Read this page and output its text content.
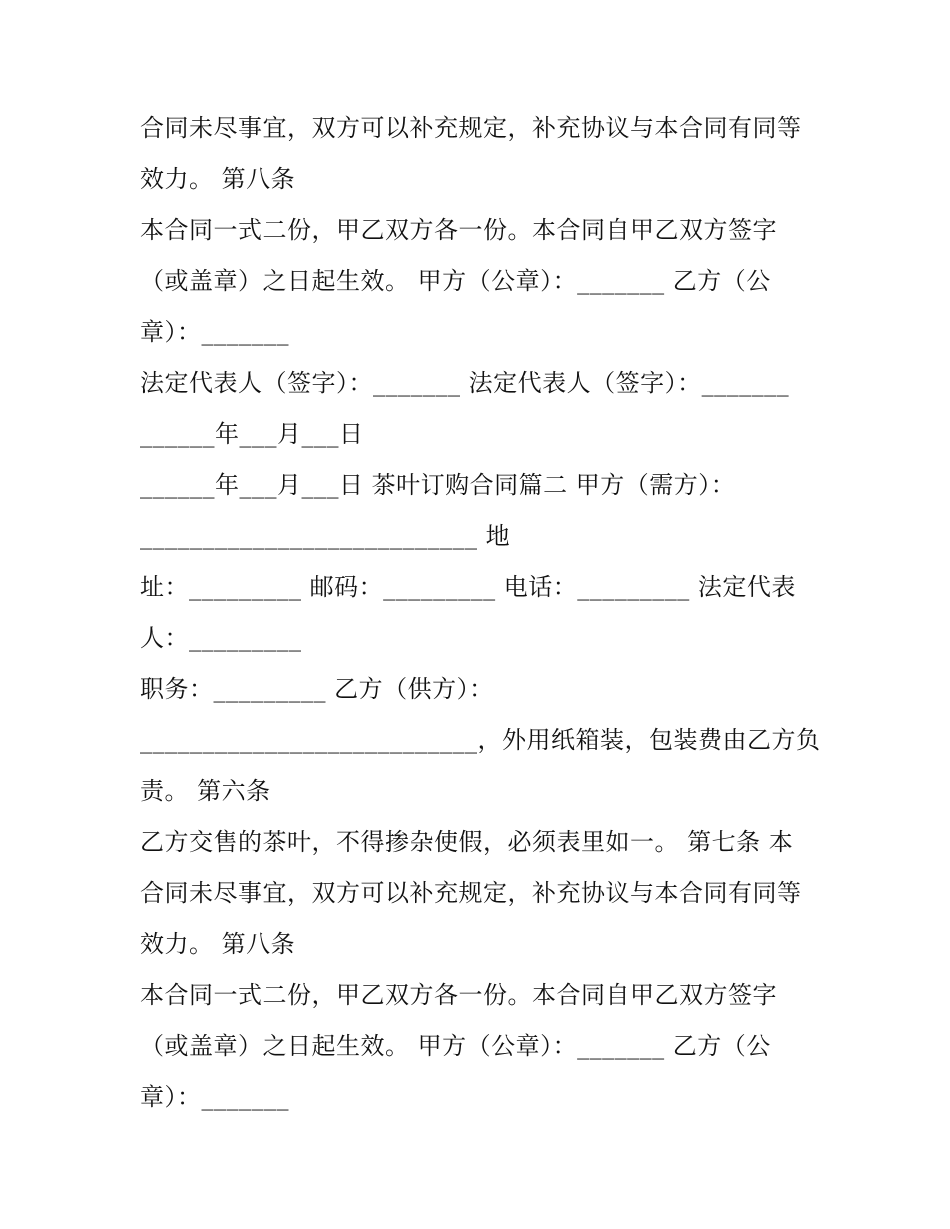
合同未尽事宜，双方可以补充规定，补充协议与本合同有同等
效力。 第八条
本合同一式二份，甲乙双方各一份。本合同自甲乙双方签字
（或盖章）之日起生效。 甲方（公章）：_______ 乙方（公
章）：_______
法定代表人（签字）：_______ 法定代表人（签字）：_______
______年___月___日
______年___月___日 茶叶订购合同篇二 甲方（需方）：
___________________________ 地
址：_________ 邮码：_________ 电话：_________ 法定代表
人：_________
职务：_________ 乙方（供方）：
___________________________，外用纸箱装，包装费由乙方负
责。 第六条
乙方交售的茶叶，不得掺杂使假，必须表里如一。 第七条 本
合同未尽事宜，双方可以补充规定，补充协议与本合同有同等
效力。 第八条
本合同一式二份，甲乙双方各一份。本合同自甲乙双方签字
（或盖章）之日起生效。 甲方（公章）：_______ 乙方（公
章）：_______
